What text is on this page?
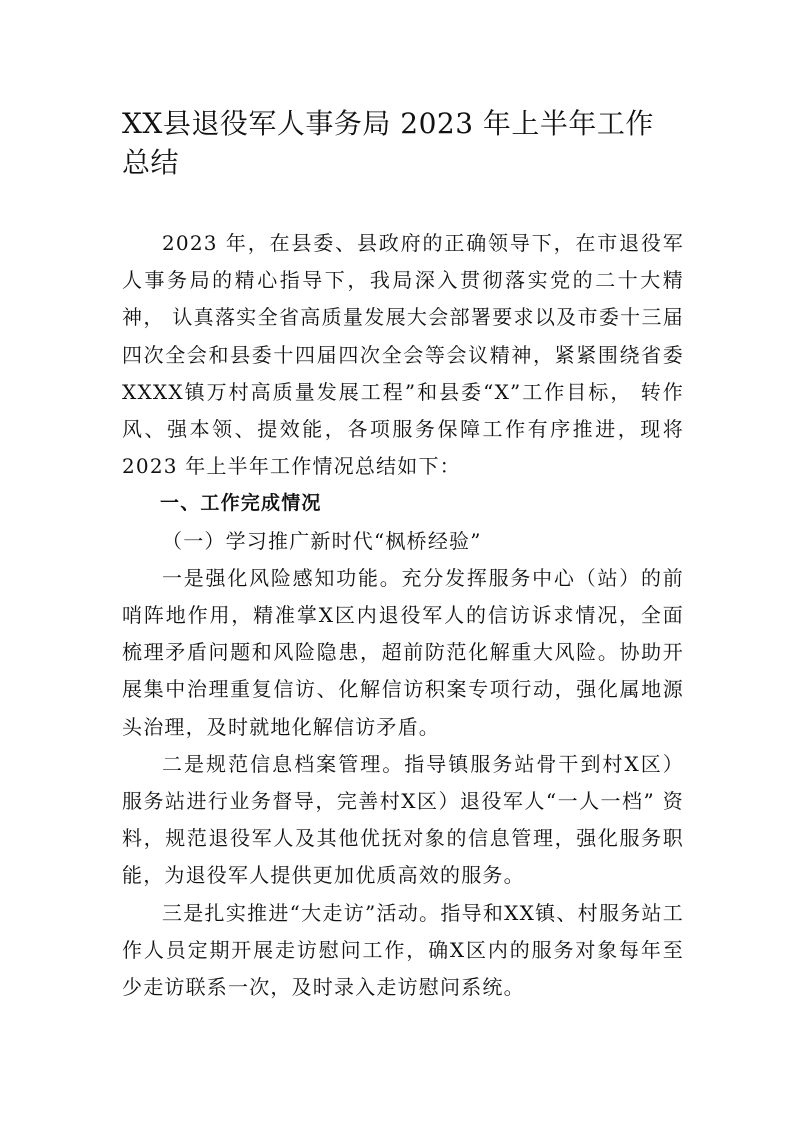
XX县退役军人事务局 2023 年上半年工作总结

2023 年，在县委、县政府的正确领导下，在市退役军人事务局的精心指导下，我局深入贯彻落实党的二十大精神， 认真落实全省高质量发展大会部署要求以及市委十三届四次全会和县委十四届四次全会等会议精神，紧紧围绕省委XXXX镇万村高质量发展工程”和县委“X”工作目标， 转作风、强本领、提效能，各项服务保障工作有序推进，现将2023 年上半年工作情况总结如下：

一、工作完成情况
（一）学习推广新时代“枫桥经验”

一是强化风险感知功能。充分发挥服务中心（站）的前哨阵地作用，精准掌X区内退役军人的信访诉求情况，全面梳理矛盾问题和风险隐患，超前防范化解重大风险。协助开展集中治理重复信访、化解信访积案专项行动，强化属地源头治理，及时就地化解信访矛盾。

二是规范信息档案管理。指导镇服务站骨干到村X区） 服务站进行业务督导，完善村X区）退役军人“一人一档” 资料，规范退役军人及其他优抚对象的信息管理，强化服务职能，为退役军人提供更加优质高效的服务。

三是扎实推进“大走访”活动。指导和XX镇、村服务站工作人员定期开展走访慰问工作，确X区内的服务对象每年至少走访联系一次，及时录入走访慰问系统。
